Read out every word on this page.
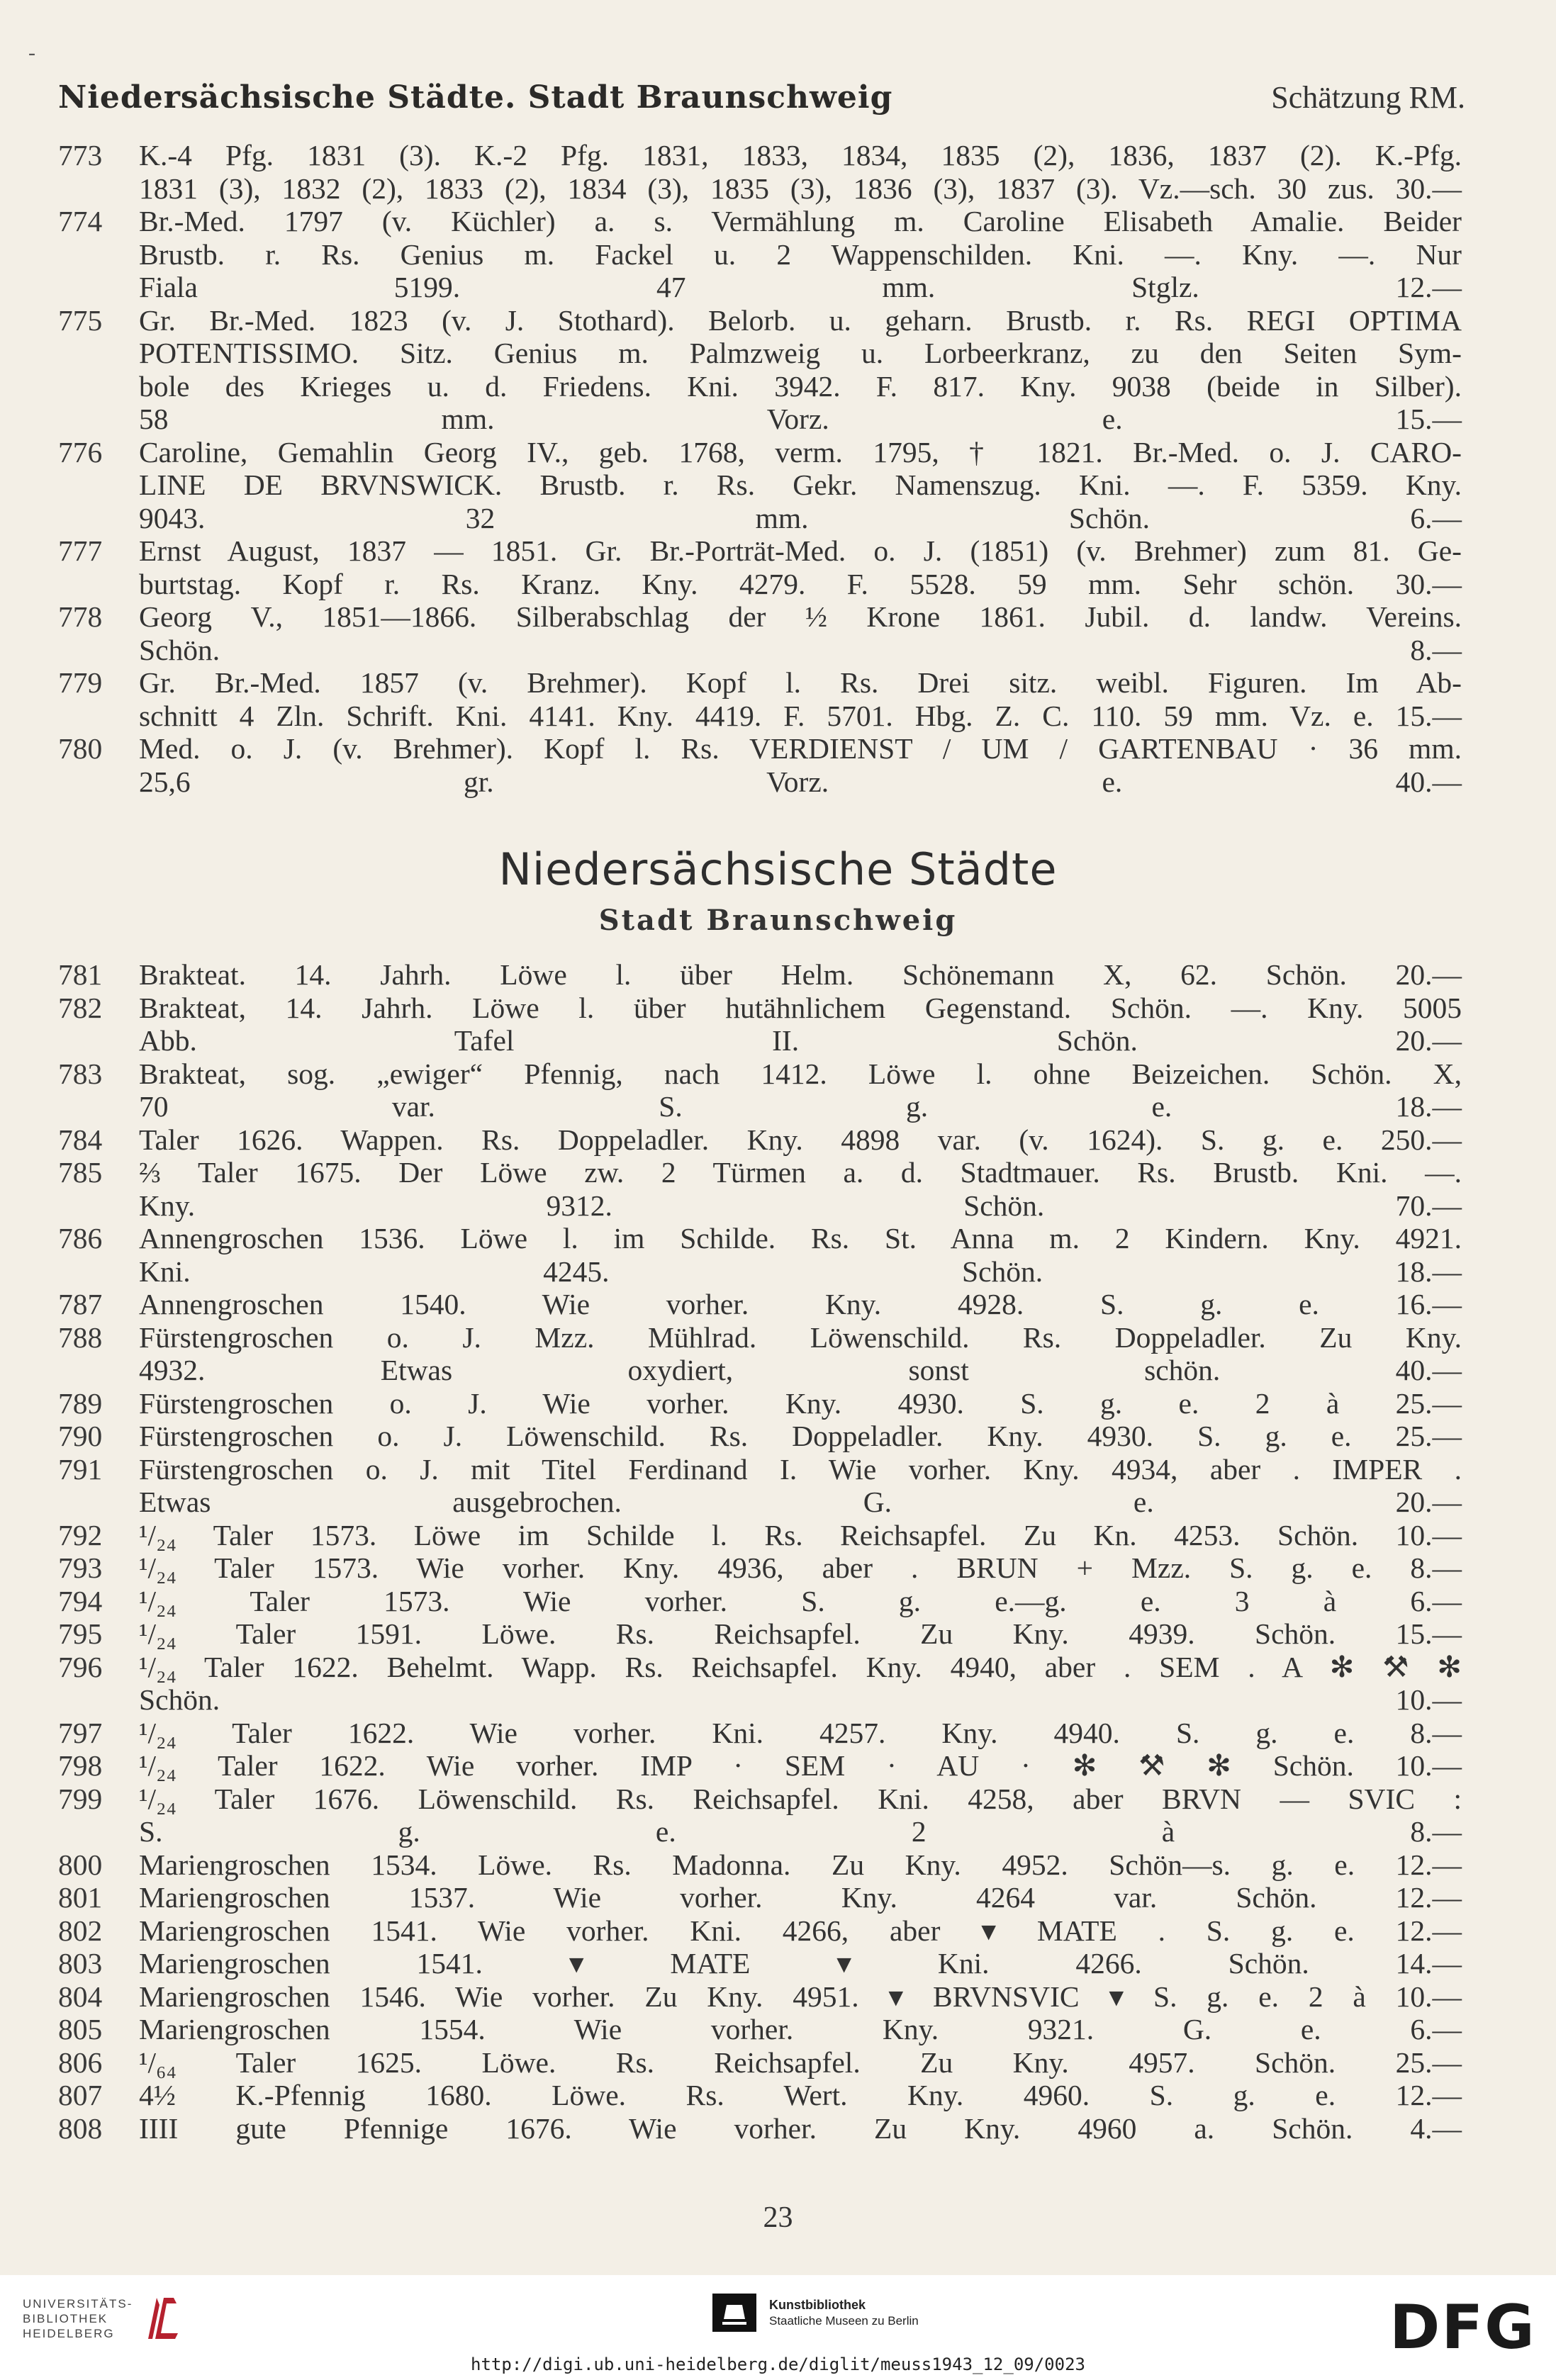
-
Niedersächsische Städte. Stadt Braunschweig	Schätzung RM.
773	K.-4 Pfg. 1831 (3). K.-2 Pfg. 1831, 1833, 1834, 1835 (2), 1836, 1837 (2). K.-Pfg.
1831 (3), 1832 (2), 1833 (2), 1834 (3), 1835 (3), 1836 (3), 1837 (3). Vz.—sch. 30 zus. 30.—
774	Br.-Med. 1797 (v. Küchler) a. s. Vermählung m. Caroline Elisabeth Amalie. Beider
Brustb. r. Rs. Genius m. Fackel u. 2 Wappenschilden. Kni. —. Kny. —. Nur
Fiala 5199. 47 mm. Stglz. 12.—
775	Gr. Br.-Med. 1823 (v. J. Stothard). Belorb. u. geharn. Brustb. r. Rs. REGI OPTIMA
POTENTISSIMO. Sitz. Genius m. Palmzweig u. Lorbeerkranz, zu den Seiten Sym-
bole des Krieges u. d. Friedens. Kni. 3942. F. 817. Kny. 9038 (beide in Silber).
58 mm. Vorz. e. 15.—
776	Caroline, Gemahlin Georg IV., geb. 1768, verm. 1795, † 1821. Br.-Med. o. J. CARO-
LINE DE BRVNSWICK. Brustb. r. Rs. Gekr. Namenszug. Kni. —. F. 5359. Kny.
9043. 32 mm. Schön. 6.—
777	Ernst August, 1837 — 1851. Gr. Br.-Porträt-Med. o. J. (1851) (v. Brehmer) zum 81. Ge-
burtstag. Kopf r. Rs. Kranz. Kny. 4279. F. 5528. 59 mm. Sehr schön. 30.—
778	Georg V., 1851—1866. Silberabschlag der ½ Krone 1861. Jubil. d. landw. Vereins.
Schön. 8.—
779	Gr. Br.-Med. 1857 (v. Brehmer). Kopf l. Rs. Drei sitz. weibl. Figuren. Im Ab-
schnitt 4 Zln. Schrift. Kni. 4141. Kny. 4419. F. 5701. Hbg. Z. C. 110. 59 mm. Vz. e. 15.—
780	Med. o. J. (v. Brehmer). Kopf l. Rs. VERDIENST / UM / GARTENBAU · 36 mm.
25,6 gr. Vorz. e. 40.—
Niedersächsische Städte
Stadt Braunschweig
781	Brakteat. 14. Jahrh. Löwe l. über Helm. Schönemann X, 62. Schön. 20.—
782	Brakteat, 14. Jahrh. Löwe l. über hutähnlichem Gegenstand. Schön. —. Kny. 5005
Abb. Tafel II. Schön. 20.—
783	Brakteat, sog. „ewiger“ Pfennig, nach 1412. Löwe l. ohne Beizeichen. Schön. X,
70 var. S. g. e. 18.—
784	Taler 1626. Wappen. Rs. Doppeladler. Kny. 4898 var. (v. 1624). S. g. e. 250.—
785	⅔ Taler 1675. Der Löwe zw. 2 Türmen a. d. Stadtmauer. Rs. Brustb. Kni. —.
Kny. 9312. Schön. 70.—
786	Annengroschen 1536. Löwe l. im Schilde. Rs. St. Anna m. 2 Kindern. Kny. 4921.
Kni. 4245. Schön. 18.—
787	Annengroschen 1540. Wie vorher. Kny. 4928. S. g. e. 16.—
788	Fürstengroschen o. J. Mzz. Mühlrad. Löwenschild. Rs. Doppeladler. Zu Kny.
4932. Etwas oxydiert, sonst schön. 40.—
789	Fürstengroschen o. J. Wie vorher. Kny. 4930. S. g. e. 2 à 25.—
790	Fürstengroschen o. J. Löwenschild. Rs. Doppeladler. Kny. 4930. S. g. e. 25.—
791	Fürstengroschen o. J. mit Titel Ferdinand I. Wie vorher. Kny. 4934, aber . IMPER .
Etwas ausgebrochen. G. e. 20.—
792	¹/₂₄ Taler 1573. Löwe im Schilde l. Rs. Reichsapfel. Zu Kn. 4253. Schön. 10.—
793	¹/₂₄ Taler 1573. Wie vorher. Kny. 4936, aber . BRUN + Mzz. S. g. e. 8.—
794	¹/₂₄ Taler 1573. Wie vorher. S. g. e.—g. e. 3 à 6.—
795	¹/₂₄ Taler 1591. Löwe. Rs. Reichsapfel. Zu Kny. 4939. Schön. 15.—
796	¹/₂₄ Taler 1622. Behelmt. Wapp. Rs. Reichsapfel. Kny. 4940, aber . SEM . A ✻ ⚒ ✻
Schön. 10.—
797	¹/₂₄ Taler 1622. Wie vorher. Kni. 4257. Kny. 4940. S. g. e. 8.—
798	¹/₂₄ Taler 1622. Wie vorher. IMP · SEM · AU · ✻ ⚒ ✻ Schön. 10.—
799	¹/₂₄ Taler 1676. Löwenschild. Rs. Reichsapfel. Kni. 4258, aber BRVN — SVIC :
S. g. e. 2 à 8.—
800	Mariengroschen 1534. Löwe. Rs. Madonna. Zu Kny. 4952. Schön—s. g. e. 12.—
801	Mariengroschen 1537. Wie vorher. Kny. 4264 var. Schön. 12.—
802	Mariengroschen 1541. Wie vorher. Kni. 4266, aber ▾ MATE . S. g. e. 12.—
803	Mariengroschen 1541. ▾ MATE ▾ Kni. 4266. Schön. 14.—
804	Mariengroschen 1546. Wie vorher. Zu Kny. 4951. ▾ BRVNSVIC ▾ S. g. e. 2 à 10.—
805	Mariengroschen 1554. Wie vorher. Kny. 9321. G. e. 6.—
806	¹/₆₄ Taler 1625. Löwe. Rs. Reichsapfel. Zu Kny. 4957. Schön. 25.—
807	4½ K.-Pfennig 1680. Löwe. Rs. Wert. Kny. 4960. S. g. e. 12.—
808	IIII gute Pfennige 1676. Wie vorher. Zu Kny. 4960 a. Schön. 4.—
23
UNIVERSITÄTS-
BIBLIOTHEK
HEIDELBERG
Kunstbibliothek
Staatliche Museen zu Berlin	DFG
http://digi.ub.uni-heidelberg.de/diglit/meuss1943_12_09/0023
